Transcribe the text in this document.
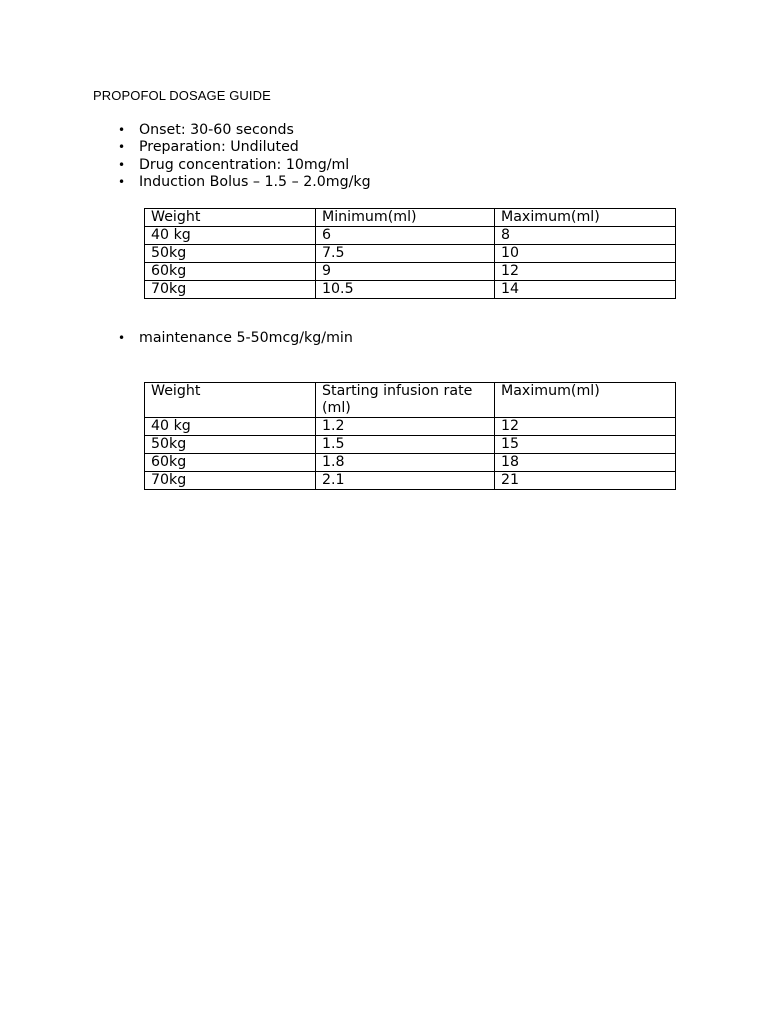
PROPOFOL DOSAGE GUIDE
• Onset: 30-60 seconds
• Preparation: Undiluted
• Drug concentration: 10mg/ml
• Induction Bolus – 1.5 – 2.0mg/kg
Weight	Minimum(ml)	Maximum(ml)
40 kg	6	8
50kg	7.5	10
60kg	9	12
70kg	10.5	14
• maintenance 5-50mcg/kg/min
Weight	Starting infusion rate (ml)	Maximum(ml)
40 kg	1.2	12
50kg	1.5	15
60kg	1.8	18
70kg	2.1	21
